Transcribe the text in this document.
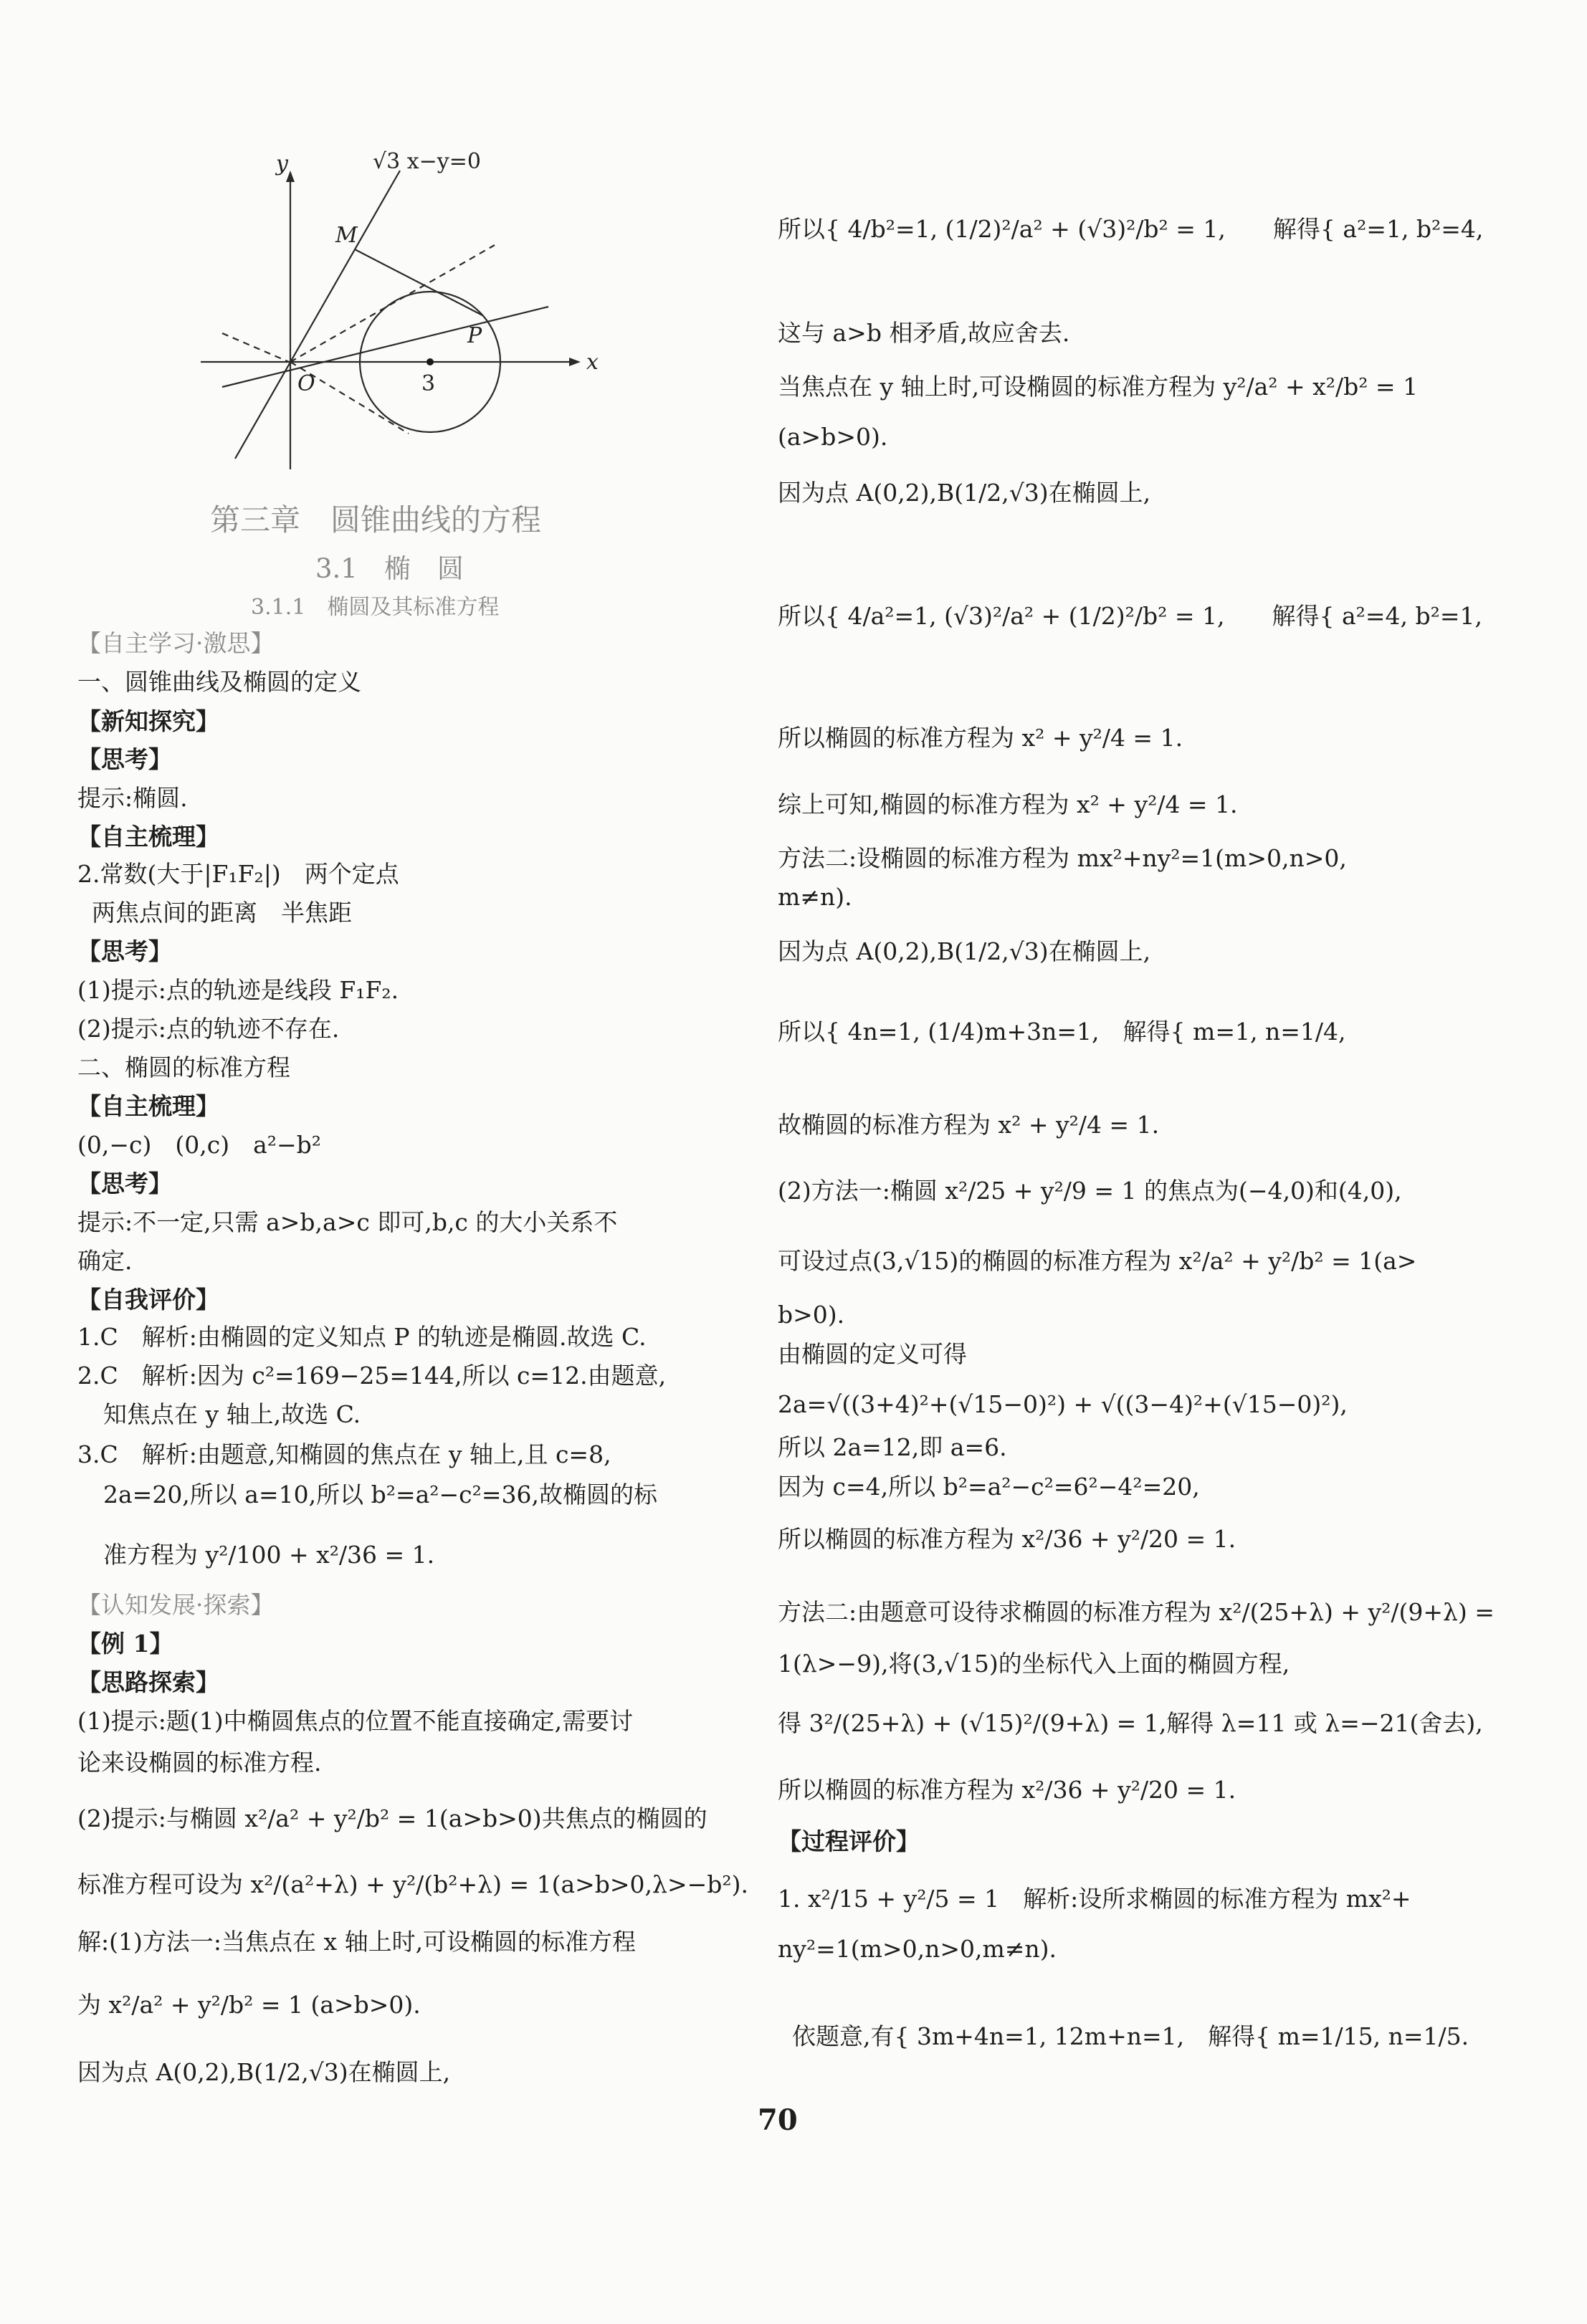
y
x
√3 x−y=0
M
P
O	3
第三章　圆锥曲线的方程
3.1　椭　圆
3.1.1　椭圆及其标准方程
【自主学习·激思】
一、圆锥曲线及椭圆的定义
【新知探究】
【思考】
提示:椭圆.
【自主梳理】
2.常数(大于|F₁F₂|)　两个定点
两焦点间的距离　半焦距
【思考】
(1)提示:点的轨迹是线段 F₁F₂.
(2)提示:点的轨迹不存在.
二、椭圆的标准方程
【自主梳理】
(0,−c)　(0,c)　a²−b²
【思考】
提示:不一定,只需 a>b,a>c 即可,b,c 的大小关系不
确定.
【自我评价】
1.C　解析:由椭圆的定义知点 P 的轨迹是椭圆.故选 C.
2.C　解析:因为 c²=169−25=144,所以 c=12.由题意,
知焦点在 y 轴上,故选 C.
3.C　解析:由题意,知椭圆的焦点在 y 轴上,且 c=8,
2a=20,所以 a=10,所以 b²=a²−c²=36,故椭圆的标
准方程为 y²/100 + x²/36 = 1.
【认知发展·探索】
【例 1】
【思路探索】
(1)提示:题(1)中椭圆焦点的位置不能直接确定,需要讨
论来设椭圆的标准方程.
(2)提示:与椭圆 x²/a² + y²/b² = 1(a>b>0)共焦点的椭圆的
标准方程可设为 x²/(a²+λ) + y²/(b²+λ) = 1(a>b>0,λ>−b²).
解:(1)方法一:当焦点在 x 轴上时,可设椭圆的标准方程
为 x²/a² + y²/b² = 1 (a>b>0).
因为点 A(0,2),B(1/2,√3)在椭圆上,
所以{ 4/b²=1, (1/2)²/a² + (√3)²/b² = 1,　　解得{ a²=1, b²=4,
这与 a>b 相矛盾,故应舍去.
当焦点在 y 轴上时,可设椭圆的标准方程为 y²/a² + x²/b² = 1
(a>b>0).
因为点 A(0,2),B(1/2,√3)在椭圆上,
所以{ 4/a²=1, (√3)²/a² + (1/2)²/b² = 1,　　解得{ a²=4, b²=1,
所以椭圆的标准方程为 x² + y²/4 = 1.
综上可知,椭圆的标准方程为 x² + y²/4 = 1.
方法二:设椭圆的标准方程为 mx²+ny²=1(m>0,n>0,
m≠n).
因为点 A(0,2),B(1/2,√3)在椭圆上,
所以{ 4n=1, (1/4)m+3n=1,　解得{ m=1, n=1/4,
故椭圆的标准方程为 x² + y²/4 = 1.
(2)方法一:椭圆 x²/25 + y²/9 = 1 的焦点为(−4,0)和(4,0),
可设过点(3,√15)的椭圆的标准方程为 x²/a² + y²/b² = 1(a>
b>0).
由椭圆的定义可得
2a=√((3+4)²+(√15−0)²) + √((3−4)²+(√15−0)²),
所以 2a=12,即 a=6.
因为 c=4,所以 b²=a²−c²=6²−4²=20,
所以椭圆的标准方程为 x²/36 + y²/20 = 1.
方法二:由题意可设待求椭圆的标准方程为 x²/(25+λ) + y²/(9+λ) =
1(λ>−9),将(3,√15)的坐标代入上面的椭圆方程,
得 3²/(25+λ) + (√15)²/(9+λ) = 1,解得 λ=11 或 λ=−21(舍去),
所以椭圆的标准方程为 x²/36 + y²/20 = 1.
【过程评价】
1. x²/15 + y²/5 = 1　解析:设所求椭圆的标准方程为 mx²+
ny²=1(m>0,n>0,m≠n).
依题意,有{ 3m+4n=1, 12m+n=1,　解得{ m=1/15, n=1/5.
70
